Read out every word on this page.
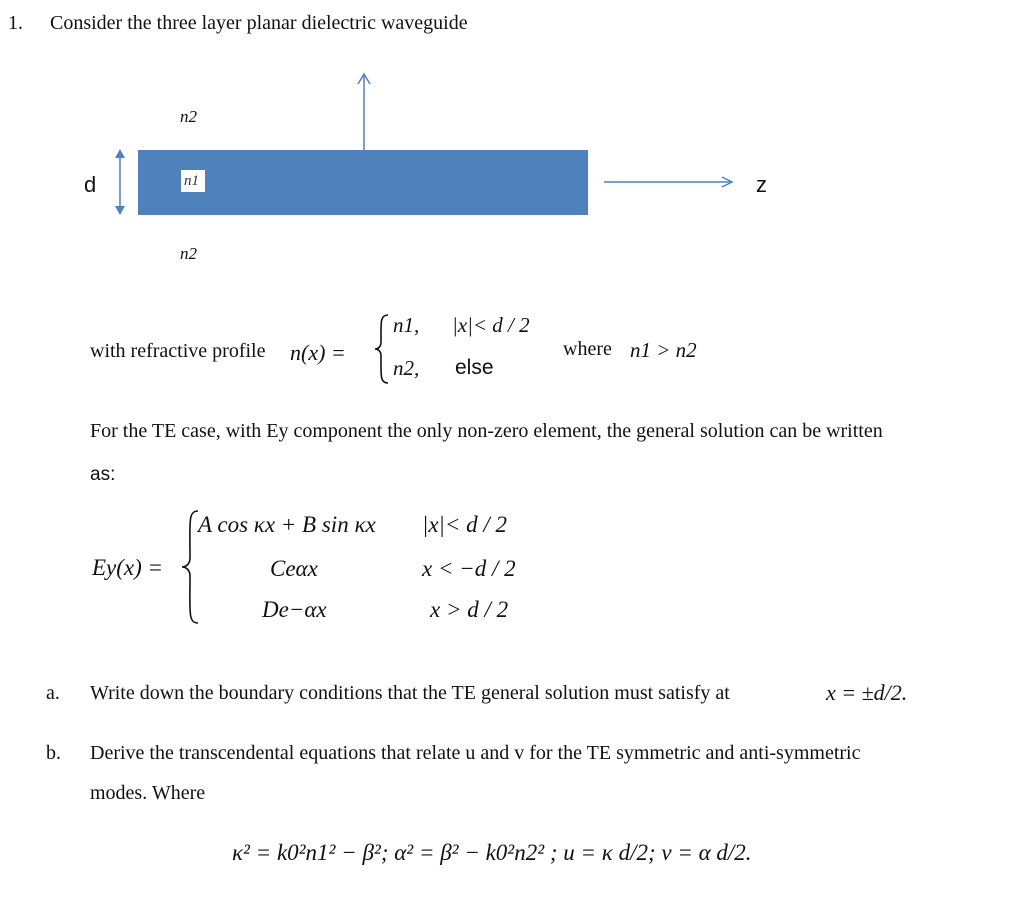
1. Consider the three layer planar dielectric waveguide
n2
n1
n2
d	z
with refractive profile n(x) =
n1, |x|< d / 2
n2, else
where n1 > n2
For the TE case, with Ey component the only non-zero element, the general solution can be written
as:
Ey(x) =
A cos κx + B sin κx |x|< d / 2
Ceαx	x < −d / 2
De−αx	x > d / 2
a. Write down the boundary conditions that the TE general solution must satisfy at	x = ±d/2.
b. Derive the transcendental equations that relate u and v for the TE symmetric and anti-symmetric
modes. Where
κ² = k0²n1² − β²; α² = β² − k0²n2² ; u = κ d/2; v = α d/2.
